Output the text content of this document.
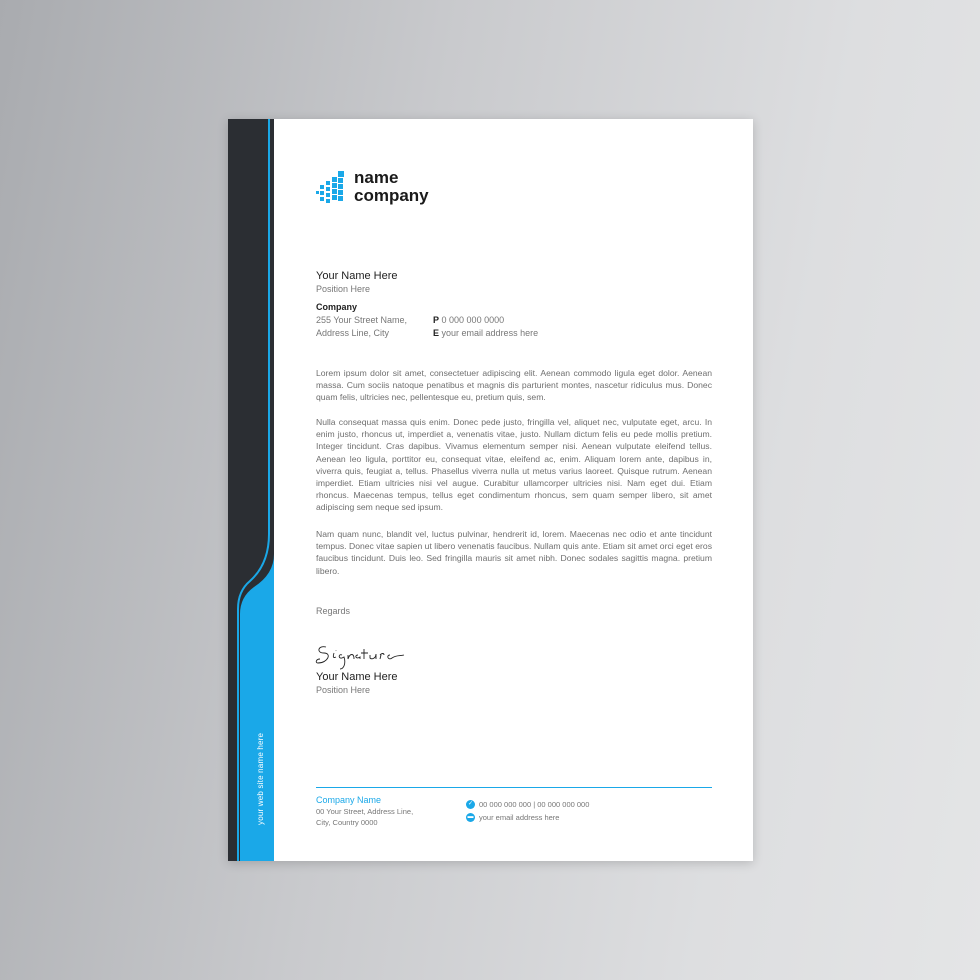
your web site name here
name
company
Your Name Here
Position Here
Company
255 Your Street Name,
Address Line, City
P 0 000 000 0000
E your email address here

Lorem ipsum dolor sit amet, consectetuer adipiscing elit. Aenean commodo ligula eget dolor. Aenean massa. Cum sociis natoque penatibus et magnis dis parturient montes, nascetur ridiculus mus. Donec quam felis, ultricies nec, pellentesque eu, pretium quis, sem.

Nulla consequat massa quis enim. Donec pede justo, fringilla vel, aliquet nec, vulputate eget, arcu. In enim justo, rhoncus ut, imperdiet a, venenatis vitae, justo. Nullam dictum felis eu pede mollis pretium. Integer tincidunt. Cras dapibus. Vivamus elementum semper nisi. Aenean vulputate eleifend tellus. Aenean leo ligula, porttitor eu, consequat vitae, eleifend ac, enim. Aliquam lorem ante, dapibus in, viverra quis, feugiat a, tellus. Phasellus viverra nulla ut metus varius laoreet. Quisque rutrum. Aenean imperdiet. Etiam ultricies nisi vel augue. Curabitur ullamcorper ultricies nisi. Nam eget dui. Etiam rhoncus. Maecenas tempus, tellus eget condimentum rhoncus, sem quam semper libero, sit amet adipiscing sem neque sed ipsum.

Nam quam nunc, blandit vel, luctus pulvinar, hendrerit id, lorem. Maecenas nec odio et ante tincidunt tempus. Donec vitae sapien ut libero venenatis faucibus. Nullam quis ante. Etiam sit amet orci eget eros faucibus tincidunt. Duis leo. Sed fringilla mauris sit amet nibh. Donec sodales sagittis magna. pretium libero.

Regards
Your Name Here
Position Here
Company Name
00 Your Street, Address Line,
City, Country 0000
✓ 00 000 000 000 | 00 000 000 000
▬ your email address here
